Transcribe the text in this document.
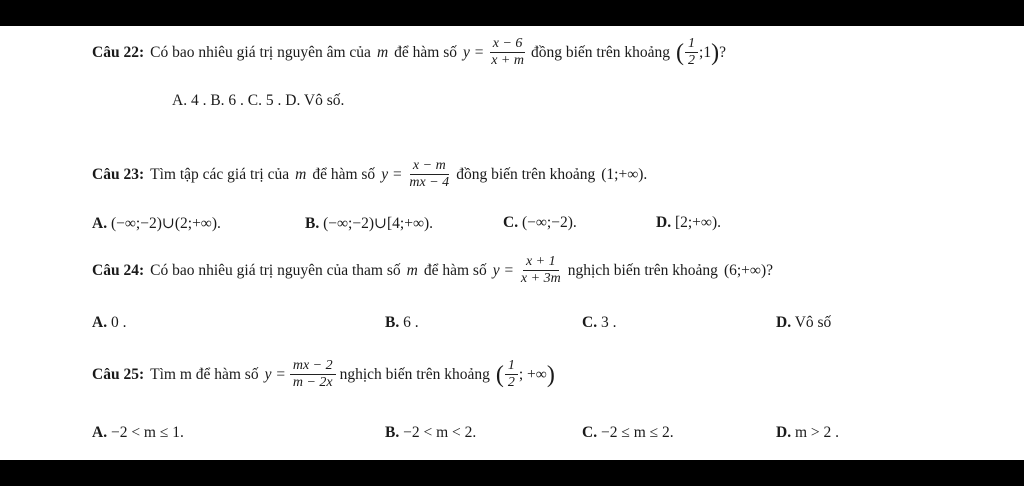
Câu 22: Có bao nhiêu giá trị nguyên âm của m để hàm số $y = \frac{x - 6}{x + m}$ đồng biến trên khoảng ( $\frac{1}{2}$ ;1 ) ?
A. 4 . B. 6 . C. 5 . D. Vô số.
Câu 23: Tìm tập các giá trị của m để hàm số $y = \frac{x - m}{mx - 4}$ đồng biến trên khoảng (1;+∞).
A. (−∞;−2)∪(2;+∞).	B. (−∞;−2)∪[4;+∞).	C. (−∞;−2).	D. [2;+∞).
Câu 24: Có bao nhiêu giá trị nguyên của tham số m để hàm số $y = \frac{x + 1}{x + 3m}$ nghịch biến trên khoảng (6;+∞)?
A. 0 .	B. 6 .	C. 3 .	D. Vô số
Câu 25: Tìm m để hàm số $y = \frac{mx - 2}{m - 2x}$ nghịch biến trên khoảng ( $\frac{1}{2}$ ; +∞ )
A. −2 < m ≤ 1.	B. −2 < m < 2.	C. −2 ≤ m ≤ 2.	D. m > 2 .
